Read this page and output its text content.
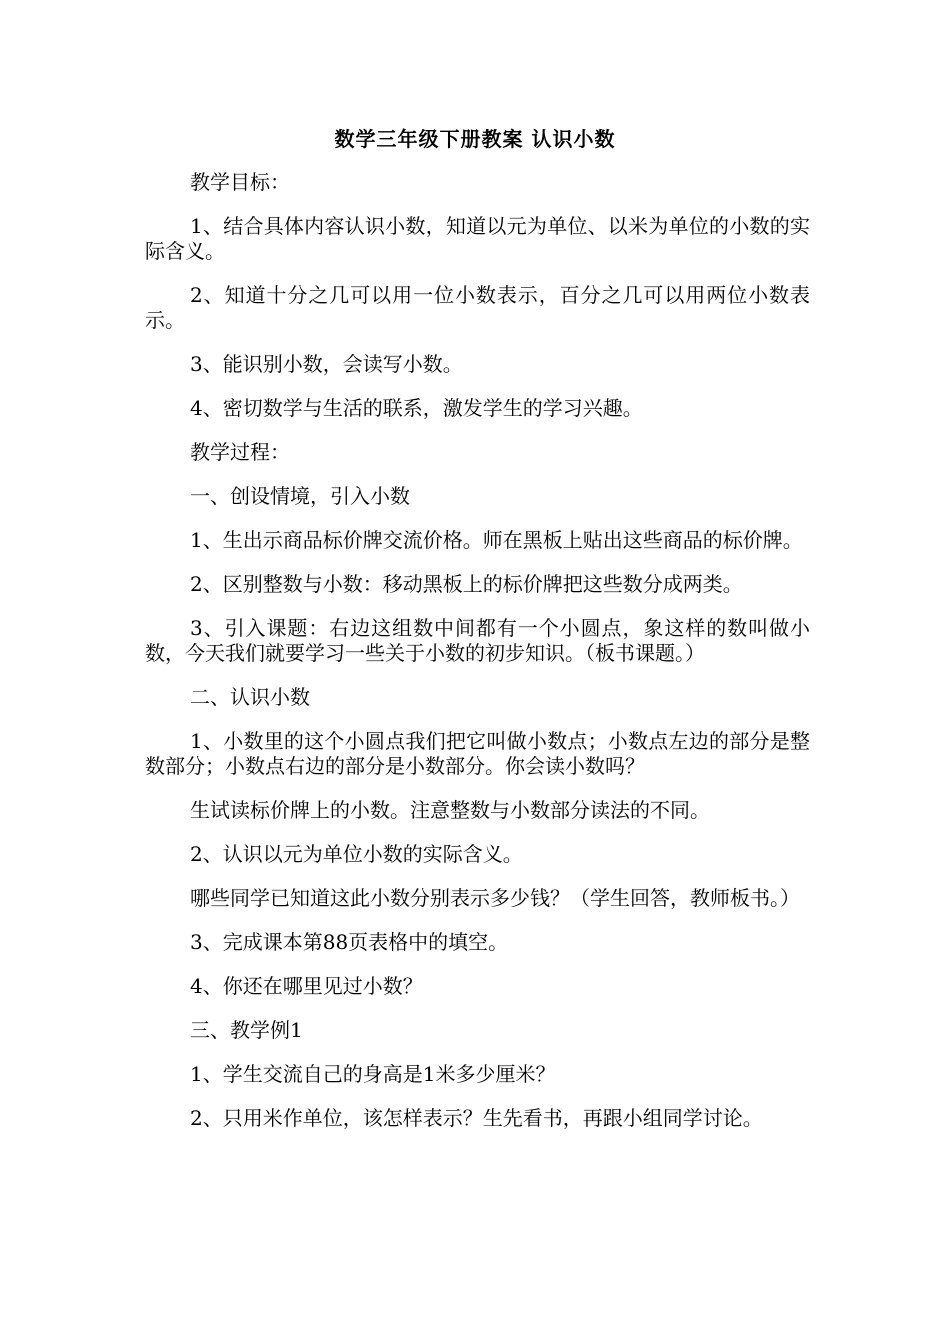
数学三年级下册教案 认识小数

教学目标：

1、结合具体内容认识小数，知道以元为单位、以米为单位的小数的实际含义。

2、知道十分之几可以用一位小数表示，百分之几可以用两位小数表示。

3、能识别小数，会读写小数。

4、密切数学与生活的联系，激发学生的学习兴趣。

教学过程：

一、创设情境，引入小数

1、生出示商品标价牌交流价格。师在黑板上贴出这些商品的标价牌。

2、区别整数与小数：移动黑板上的标价牌把这些数分成两类。

3、引入课题：右边这组数中间都有一个小圆点，象这样的数叫做小数，今天我们就要学习一些关于小数的初步知识。（板书课题。）

二、认识小数

1、小数里的这个小圆点我们把它叫做小数点；小数点左边的部分是整数部分；小数点右边的部分是小数部分。你会读小数吗？

生试读标价牌上的小数。注意整数与小数部分读法的不同。

2、认识以元为单位小数的实际含义。

哪些同学已知道这此小数分别表示多少钱？（学生回答，教师板书。）

3、完成课本第88页表格中的填空。

4、你还在哪里见过小数？

三、教学例1

1、学生交流自己的身高是1米多少厘米？

2、只用米作单位，该怎样表示？生先看书，再跟小组同学讨论。
